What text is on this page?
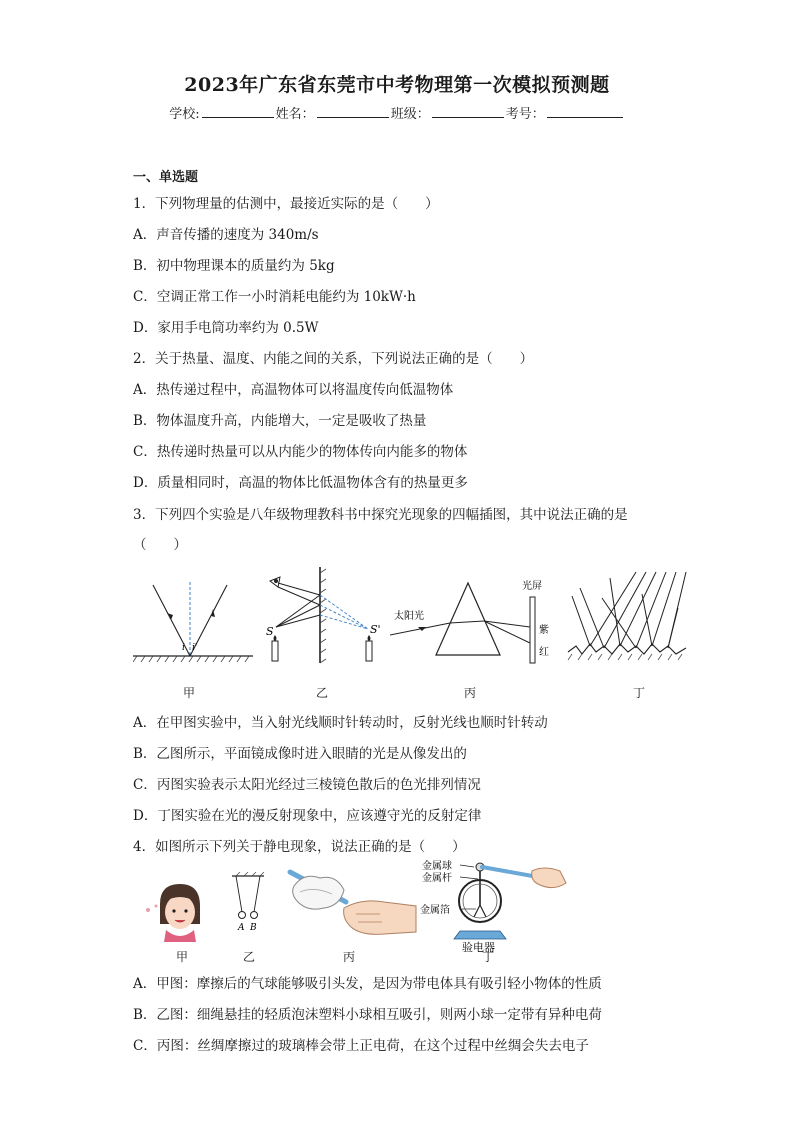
2023年广东省东莞市中考物理第一次模拟预测题
学校:	姓名：	班级：	考号：
一、单选题
1．下列物理量的估测中，最接近实际的是（　　）
A．声音传播的速度为 340m/s
B．初中物理课本的质量约为 5kg
C．空调正常工作一小时消耗电能约为 10kW·h
D．家用手电筒功率约为 0.5W
2．关于热量、温度、内能之间的关系，下列说法正确的是（　　）
A．热传递过程中，高温物体可以将温度传向低温物体
B．物体温度升高，内能增大，一定是吸收了热量
C．热传递时热量可以从内能少的物体传向内能多的物体
D．质量相同时，高温的物体比低温物体含有的热量更多
3．下列四个实验是八年级物理教科书中探究光现象的四幅插图，其中说法正确的是
（　　）
i i'
S	S'
太阳光
光屏
紫
红
甲	乙	丙	丁
A．在甲图实验中，当入射光线顺时针转动时，反射光线也顺时针转动
B．乙图所示，平面镜成像时进入眼睛的光是从像发出的
C．丙图实验表示太阳光经过三棱镜色散后的色光排列情况
D．丁图实验在光的漫反射现象中，应该遵守光的反射定律
4．如图所示下列关于静电现象，说法正确的是（　　）
A B
金属球
金属杆
金属箔
验电器
甲	乙	丙	丁
A．甲图：摩擦后的气球能够吸引头发，是因为带电体具有吸引轻小物体的性质
B．乙图：细绳悬挂的轻质泡沫塑料小球相互吸引，则两小球一定带有异种电荷
C．丙图：丝绸摩擦过的玻璃棒会带上正电荷，在这个过程中丝绸会失去电子
